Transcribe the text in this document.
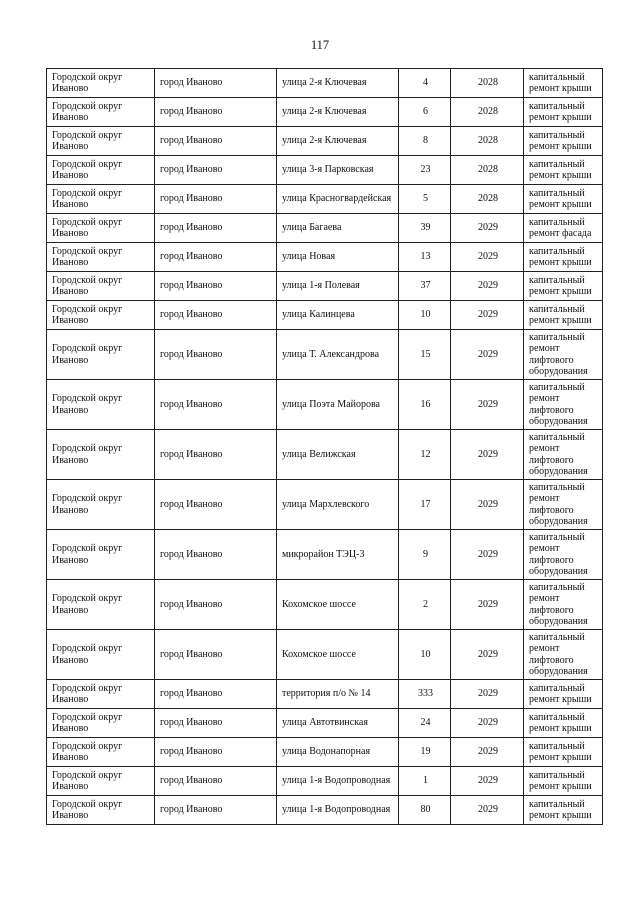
117
Городской округ Иваново	город Иваново	улица 2-я Ключевая	4	2028	капитальный ремонт крыши
Городской округ Иваново	город Иваново	улица 2-я Ключевая	6	2028	капитальный ремонт крыши
Городской округ Иваново	город Иваново	улица 2-я Ключевая	8	2028	капитальный ремонт крыши
Городской округ Иваново	город Иваново	улица 3-я Парковская	23	2028	капитальный ремонт крыши
Городской округ Иваново	город Иваново	улица Красногвардейская	5	2028	капитальный ремонт крыши
Городской округ Иваново	город Иваново	улица Багаева	39	2029	капитальный ремонт фасада
Городской округ Иваново	город Иваново	улица Новая	13	2029	капитальный ремонт крыши
Городской округ Иваново	город Иваново	улица 1-я Полевая	37	2029	капитальный ремонт крыши
Городской округ Иваново	город Иваново	улица Калинцева	10	2029	капитальный ремонт крыши
Городской округ Иваново	город Иваново	улица Т. Александрова	15	2029	капитальный ремонт лифтового оборудования
Городской округ Иваново	город Иваново	улица Поэта Майорова	16	2029	капитальный ремонт лифтового оборудования
Городской округ Иваново	город Иваново	улица Велижская	12	2029	капитальный ремонт лифтового оборудования
Городской округ Иваново	город Иваново	улица Мархлевского	17	2029	капитальный ремонт лифтового оборудования
Городской округ Иваново	город Иваново	микрорайон ТЭЦ-3	9	2029	капитальный ремонт лифтового оборудования
Городской округ Иваново	город Иваново	Кохомское шоссе	2	2029	капитальный ремонт лифтового оборудования
Городской округ Иваново	город Иваново	Кохомское шоссе	10	2029	капитальный ремонт лифтового оборудования
Городской округ Иваново	город Иваново	территория п/о № 14	333	2029	капитальный ремонт крыши
Городской округ Иваново	город Иваново	улица Автотвинская	24	2029	капитальный ремонт крыши
Городской округ Иваново	город Иваново	улица Водонапорная	19	2029	капитальный ремонт крыши
Городской округ Иваново	город Иваново	улица 1-я Водопроводная	1	2029	капитальный ремонт крыши
Городской округ Иваново	город Иваново	улица 1-я Водопроводная	80	2029	капитальный ремонт крыши
